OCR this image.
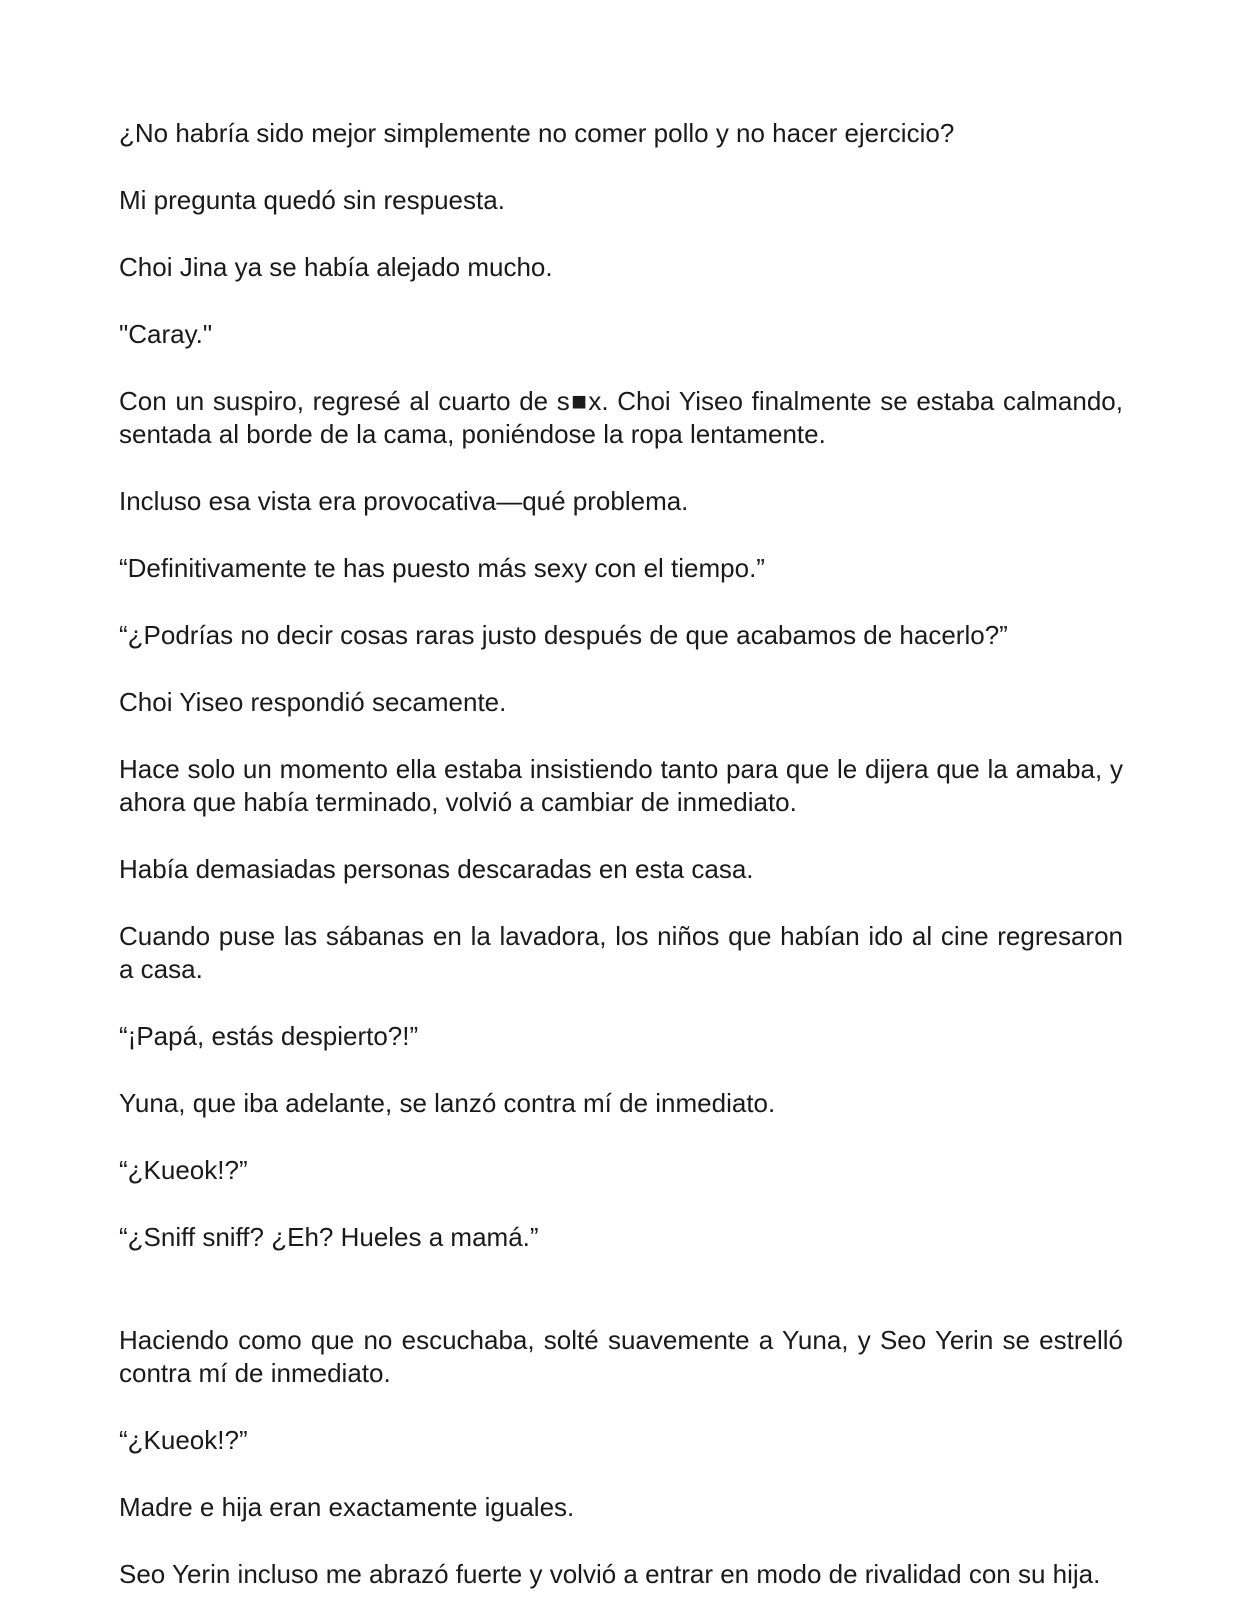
¿No habría sido mejor simplemente no comer pollo y no hacer ejercicio?

Mi pregunta quedó sin respuesta.

Choi Jina ya se había alejado mucho.

"Caray."

Con un suspiro, regresé al cuarto de s■x. Choi Yiseo finalmente se estaba calmando, sentada al borde de la cama, poniéndose la ropa lentamente.

Incluso esa vista era provocativa—qué problema.

“Definitivamente te has puesto más sexy con el tiempo.”

“¿Podrías no decir cosas raras justo después de que acabamos de hacerlo?”

Choi Yiseo respondió secamente.

Hace solo un momento ella estaba insistiendo tanto para que le dijera que la amaba, y ahora que había terminado, volvió a cambiar de inmediato.

Había demasiadas personas descaradas en esta casa.

Cuando puse las sábanas en la lavadora, los niños que habían ido al cine regresaron a casa.

“¡Papá, estás despierto?!”

Yuna, que iba adelante, se lanzó contra mí de inmediato.

“¿Kueok!?”

“¿Sniff sniff? ¿Eh? Hueles a mamá.”

Haciendo como que no escuchaba, solté suavemente a Yuna, y Seo Yerin se estrelló contra mí de inmediato.

“¿Kueok!?”

Madre e hija eran exactamente iguales.

Seo Yerin incluso me abrazó fuerte y volvió a entrar en modo de rivalidad con su hija.
